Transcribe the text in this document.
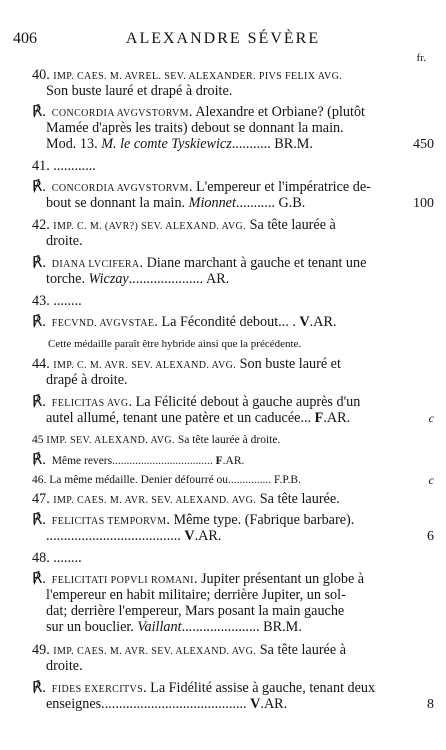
406	ALEXANDRE SÉVÈRE
fr.
40. IMP. CAES. M. AVREL. SEV. ALEXANDER. PIVS FELIX AVG.
Son buste lauré et drapé à droite.
℟. CONCORDIA AVGVSTORVM. Alexandre et Orbiane? (plutôt
Mamée d'après les traits) debout se donnant la main.
Mod. 13. M. le comte Tyskiewicz........... BR.M.
41. ............
℟. CONCORDIA AVGVSTORVM. L'empereur et l'impératrice de-
bout se donnant la main. Mionnet........... G.B.
42. IMP. C. M. (AVR?) SEV. ALEXAND. AVG. Sa tête laurée à
droite.
℟. DIANA LVCIFERA. Diane marchant à gauche et tenant une
torche. Wiczay..................... AR.
43. ........
℟. FECVND. AVGVSTAE. La Fécondité debout... . V.AR.
Cette médaille paraît être hybride ainsi que la précédente.
44. IMP. C. M. AVR. SEV. ALEXAND. AVG. Son buste lauré et
drapé à droite.
℟. FELICITAS AVG. La Félicité debout à gauche auprès d'un
autel allumé, tenant une patère et un caducée... F.AR.
45 IMP. SEV. ALEXAND. AVG. Sa tête laurée à droite.
℟. Même revers................................... F.AR.
46. La même médaille. Denier défourré ou............... F.P.B.
47. IMP. CAES. M. AVR. SEV. ALEXAND. AVG. Sa tête laurée.
℟. FELICITAS TEMPORVM. Même type. (Fabrique barbare).
...................................... V.AR.
48. ........
℟. FELICITATI POPVLI ROMANI. Jupiter présentant un globe à
l'empereur en habit militaire; derrière Jupiter, un sol-
dat; derrière l'empereur, Mars posant la main gauche
sur un bouclier. Vaillant...................... BR.M.
49. IMP. CAES. M. AVR. SEV. ALEXAND. AVG. Sa tête laurée à
droite.
℟. FIDES EXERCITVS. La Fidélité assise à gauche, tenant deux
enseignes......................................... V.AR.
450
100
c
c
6
8
